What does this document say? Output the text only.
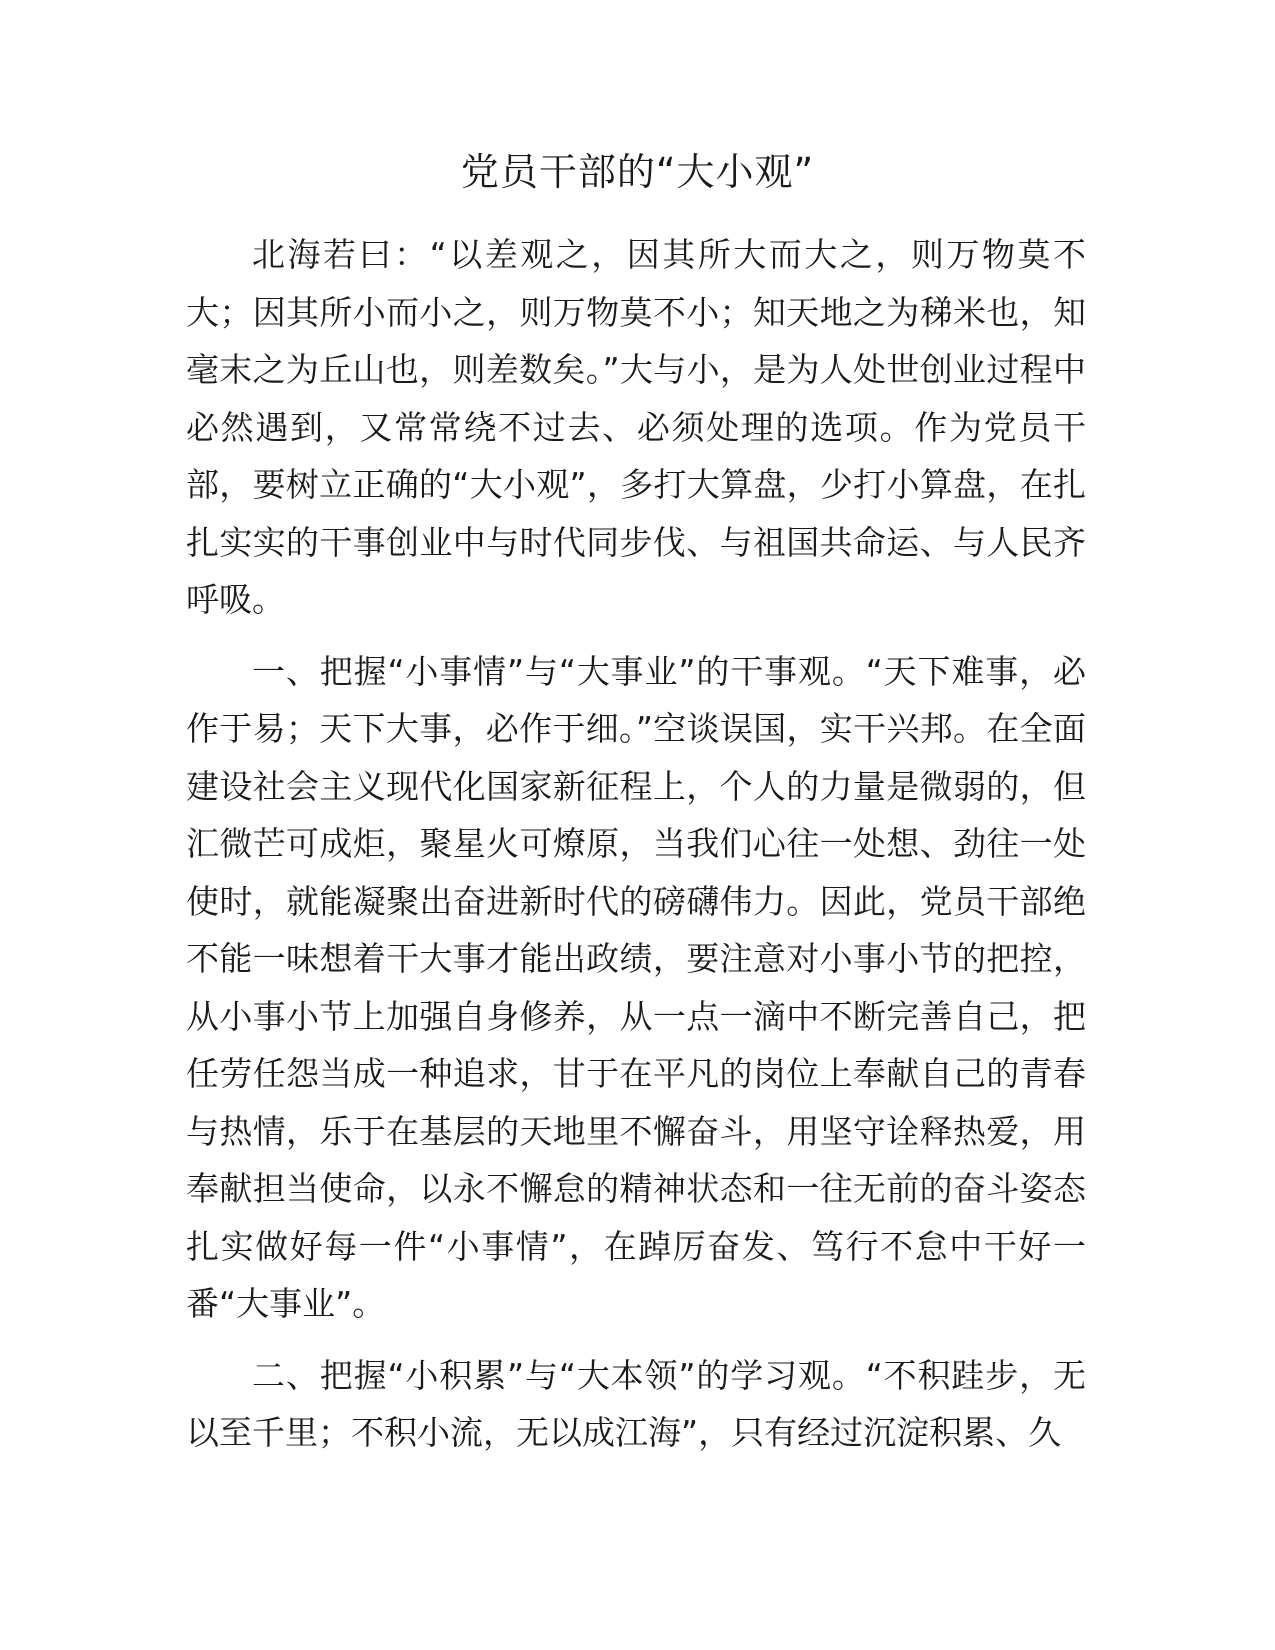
党员干部的“大小观”

北海若曰：“以差观之，因其所大而大之，则万物莫不大；因其所小而小之，则万物莫不小；知天地之为稊米也，知毫末之为丘山也，则差数矣。”大与小，是为人处世创业过程中必然遇到，又常常绕不过去、必须处理的选项。作为党员干部，要树立正确的“大小观”，多打大算盘，少打小算盘，在扎扎实实的干事创业中与时代同步伐、与祖国共命运、与人民齐呼吸。

一、把握“小事情”与“大事业”的干事观。“天下难事，必作于易；天下大事，必作于细。”空谈误国，实干兴邦。在全面建设社会主义现代化国家新征程上，个人的力量是微弱的，但汇微芒可成炬，聚星火可燎原，当我们心往一处想、劲往一处使时，就能凝聚出奋进新时代的磅礴伟力。因此，党员干部绝不能一味想着干大事才能出政绩，要注意对小事小节的把控，从小事小节上加强自身修养，从一点一滴中不断完善自己，把任劳任怨当成一种追求，甘于在平凡的岗位上奉献自己的青春与热情，乐于在基层的天地里不懈奋斗，用坚守诠释热爱，用奉献担当使命，以永不懈怠的精神状态和一往无前的奋斗姿态扎实做好每一件“小事情”，在踔厉奋发、笃行不怠中干好一番“大事业”。

二、把握“小积累”与“大本领”的学习观。“不积跬步，无以至千里；不积小流，无以成江海”，只有经过沉淀积累、久
